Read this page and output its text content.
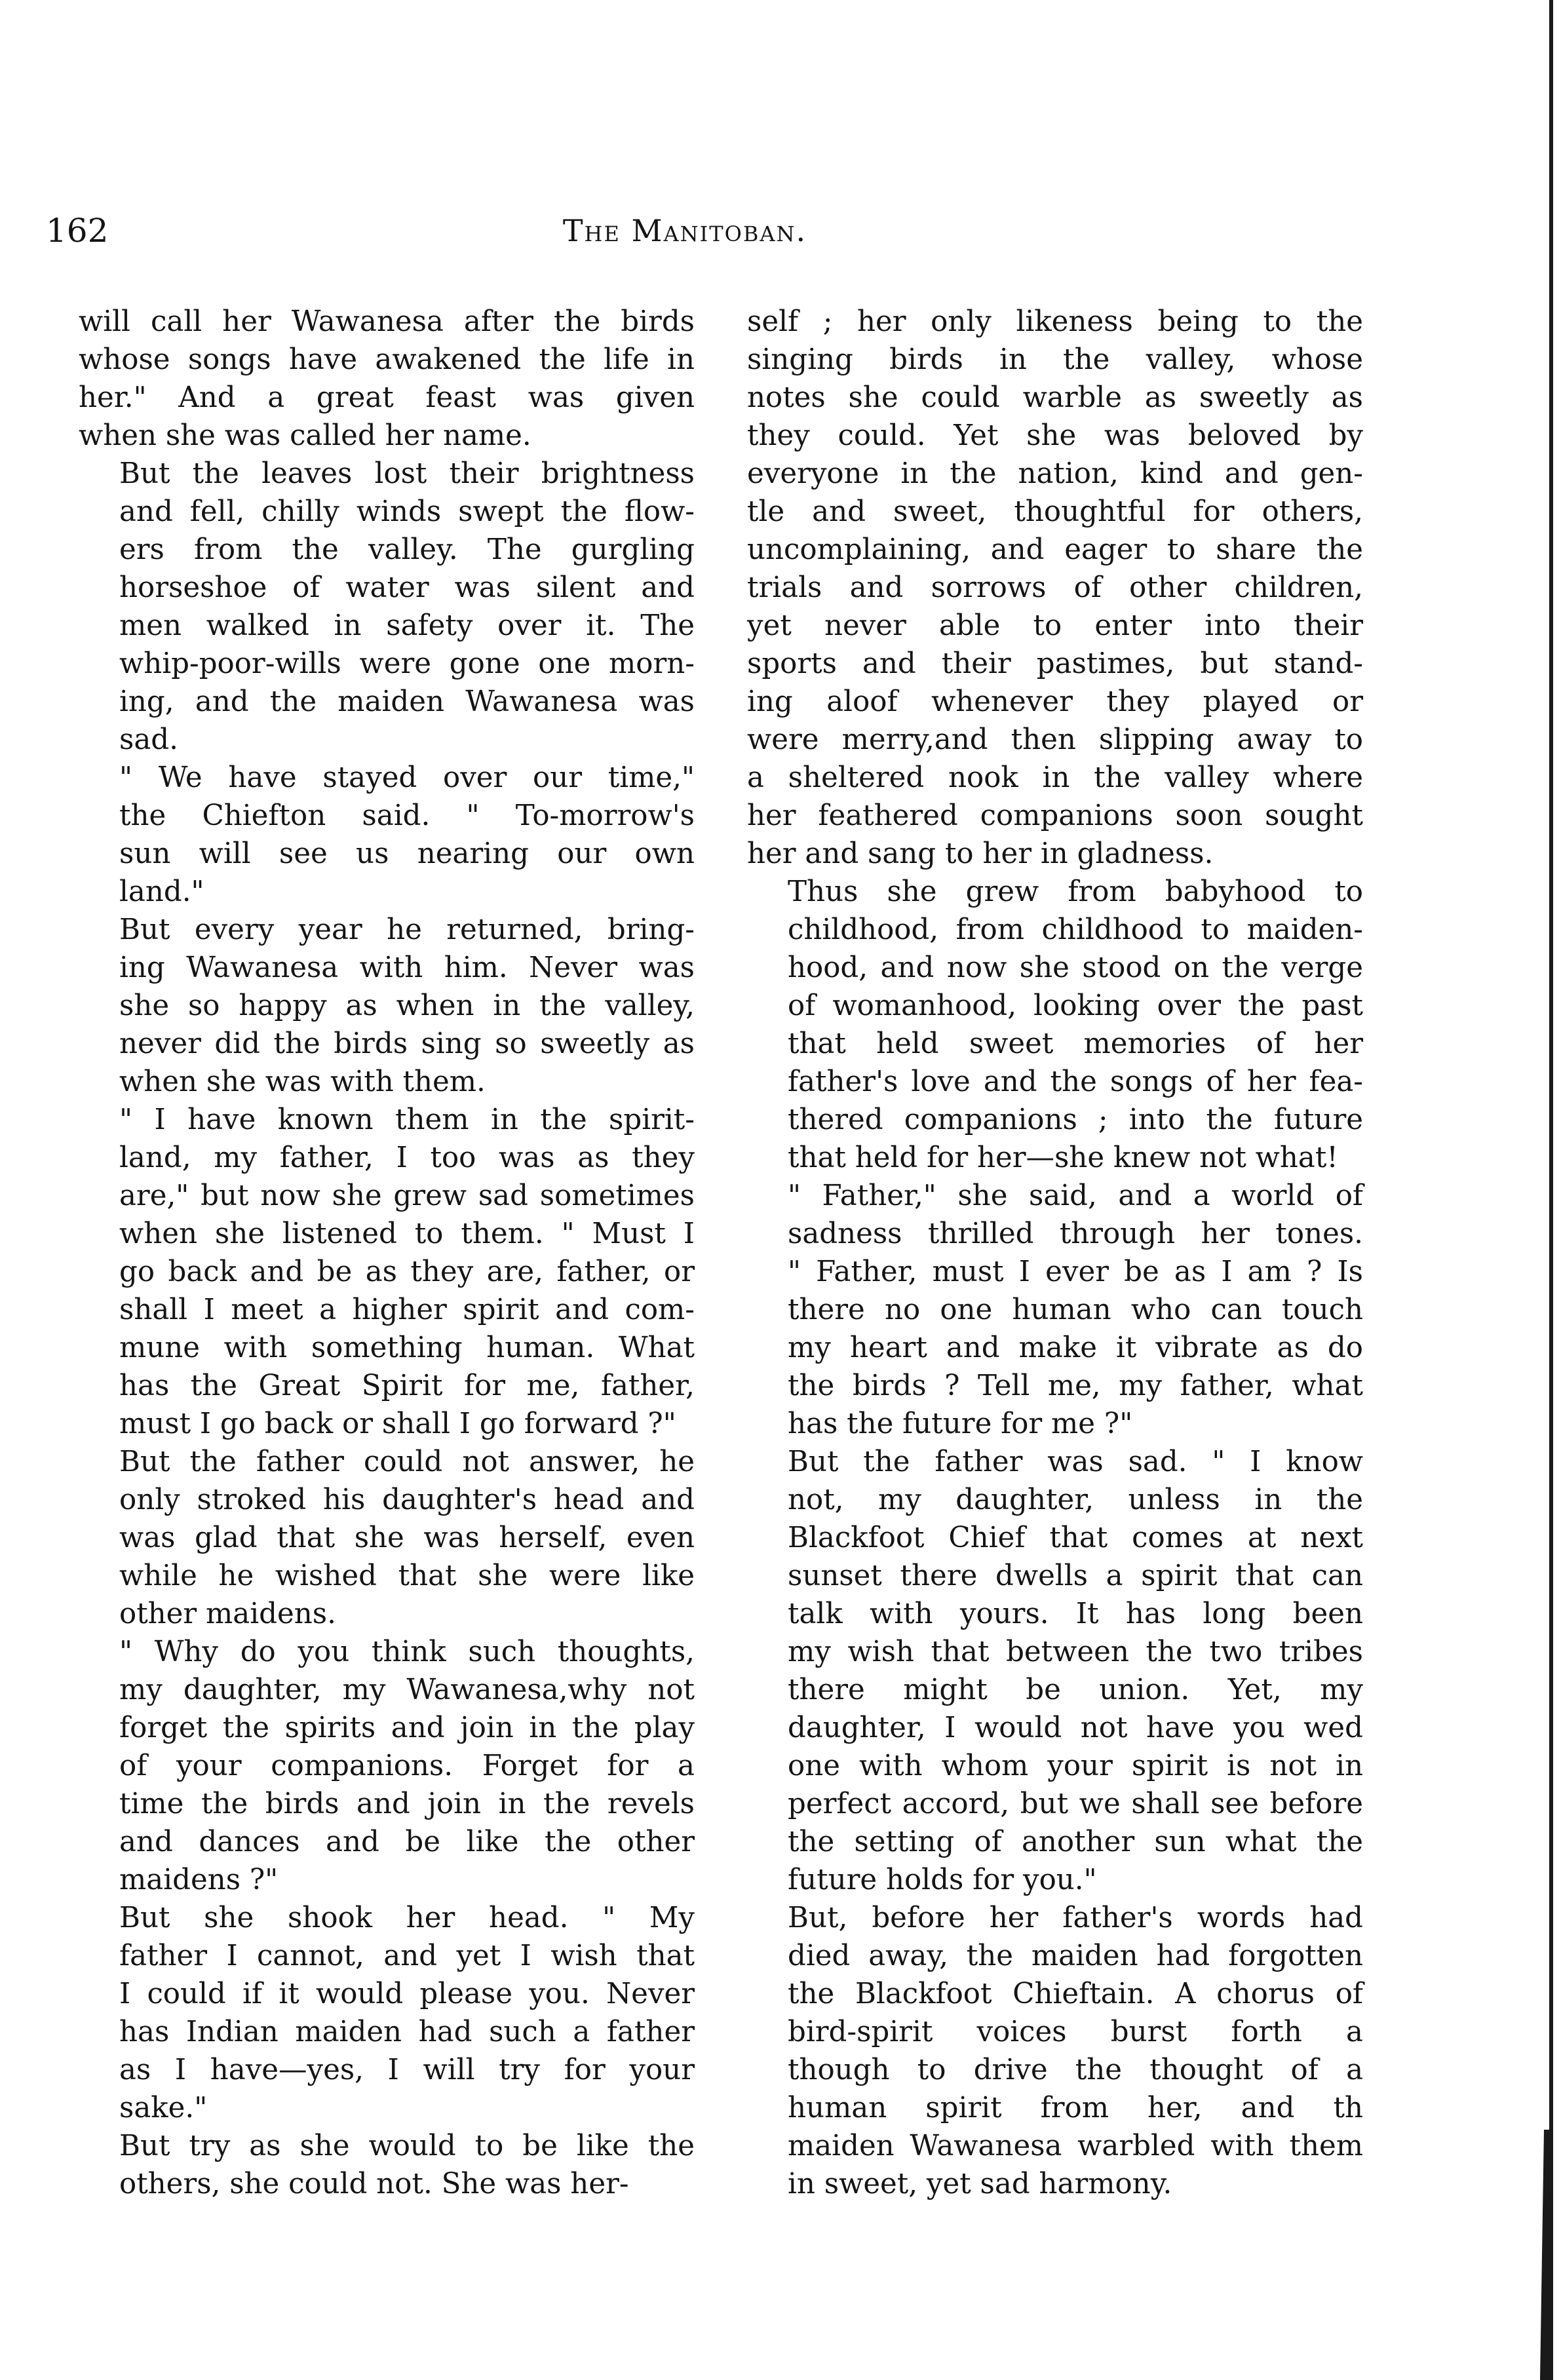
162	The Manitoban.

will call her Wawanesa after the birds
whose songs have awakened the life in
her." And a great feast was given
when she was called her name.

But the leaves lost their brightness
and fell, chilly winds swept the flow-
ers from the valley. The gurgling
horseshoe of water was silent and
men walked in safety over it. The
whip-poor-wills were gone one morn-
ing, and the maiden Wawanesa was
sad.

" We have stayed over our time,"
the Chiefton said. " To-morrow's
sun will see us nearing our own
land."

But every year he returned, bring-
ing Wawanesa with him. Never was
she so happy as when in the valley,
never did the birds sing so sweetly as
when she was with them.

" I have known them in the spirit-
land, my father, I too was as they
are," but now she grew sad sometimes
when she listened to them. " Must I
go back and be as they are, father, or
shall I meet a higher spirit and com-
mune with something human. What
has the Great Spirit for me, father,
must I go back or shall I go forward ?"

But the father could not answer, he
only stroked his daughter's head and
was glad that she was herself, even
while he wished that she were like
other maidens.

" Why do you think such thoughts,
my daughter, my Wawanesa,why not
forget the spirits and join in the play
of your companions. Forget for a
time the birds and join in the revels
and dances and be like the other
maidens ?"

But she shook her head. " My
father I cannot, and yet I wish that
I could if it would please you. Never
has Indian maiden had such a father
as I have—yes, I will try for your
sake."

But try as she would to be like the
others, she could not. She was her-

self ; her only likeness being to the
singing birds in the valley, whose
notes she could warble as sweetly as
they could. Yet she was beloved by
everyone in the nation, kind and gen-
tle and sweet, thoughtful for others,
uncomplaining, and eager to share the
trials and sorrows of other children,
yet never able to enter into their
sports and their pastimes, but stand-
ing aloof whenever they played or
were merry,and then slipping away to
a sheltered nook in the valley where
her feathered companions soon sought
her and sang to her in gladness.

Thus she grew from babyhood to
childhood, from childhood to maiden-
hood, and now she stood on the verge
of womanhood, looking over the past
that held sweet memories of her
father's love and the songs of her fea-
thered companions ; into the future
that held for her—she knew not what!

" Father," she said, and a world of
sadness thrilled through her tones.
" Father, must I ever be as I am ? Is
there no one human who can touch
my heart and make it vibrate as do
the birds ? Tell me, my father, what
has the future for me ?"

But the father was sad. " I know
not, my daughter, unless in the
Blackfoot Chief that comes at next
sunset there dwells a spirit that can
talk with yours. It has long been
my wish that between the two tribes
there might be union. Yet, my
daughter, I would not have you wed
one with whom your spirit is not in
perfect accord, but we shall see before
the setting of another sun what the
future holds for you."

But, before her father's words had
died away, the maiden had forgotten
the Blackfoot Chieftain. A chorus of
bird-spirit voices burst forth a
though to drive the thought of a
human spirit from her, and th
maiden Wawanesa warbled with them
in sweet, yet sad harmony.
